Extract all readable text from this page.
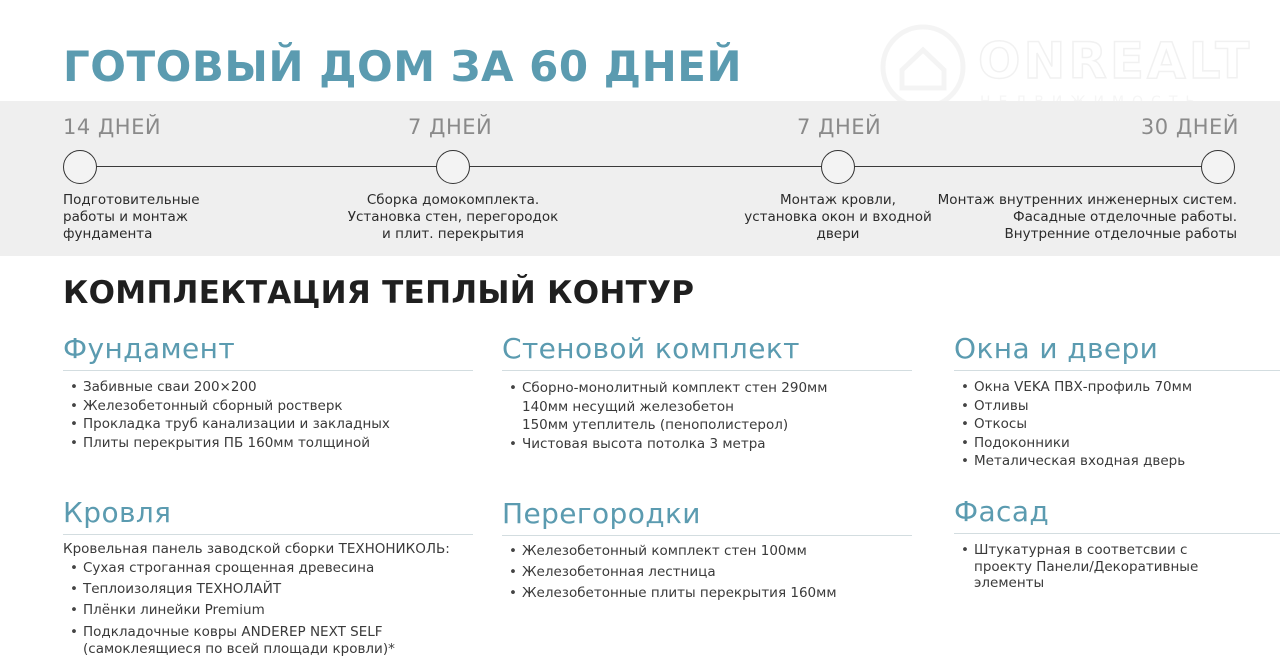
ONREALT
ГОТОВЫЙ ДОМ ЗА 60 ДНЕЙ
14 ДНЕЙ	7 ДНЕЙ	7 ДНЕЙ	30 ДНЕЙ
Подготовительные
работы и монтаж
фундамента
Сборка домокомплекта.
Установка стен, перегородок
и плит. перекрытия
Монтаж кровли,
установка окон и входной
двери
Монтаж внутренних инженерных систем.
Фасадные отделочные работы.
Внутренние отделочные работы
КОМПЛЕКТАЦИЯ ТЕПЛЫЙ КОНТУР
Фундамент
• Забивные сваи 200×200
• Железобетонный сборный ростверк
• Прокладка труб канализации и закладных
• Плиты перекрытия ПБ 160мм толщиной
Стеновой комплект
• Сборно-монолитный комплект стен 290мм
140мм несущий железобетон
150мм утеплитель (пенополистерол)
• Чистовая высота потолка 3 метра
Окна и двери
• Окна VEKA ПВХ-профиль 70мм
• Отливы
• Откосы
• Подоконники
• Металическая входная дверь
Кровля
Кровельная панель заводской сборки ТЕХНОНИКОЛЬ:
• Сухая строганная срощенная древесина
• Теплоизоляция ТЕХНОЛАЙТ
• Плёнки линейки Premium
• Подкладочные ковры ANDEREP NEXT SELF
(самоклеящиеся по всей площади кровли)*
Перегородки
• Железобетонный комплект стен 100мм
• Железобетонная лестница
• Железобетонные плиты перекрытия 160мм
Фасад
• Штукатурная в соответсвии с
проекту Панели/Декоративные
элементы
